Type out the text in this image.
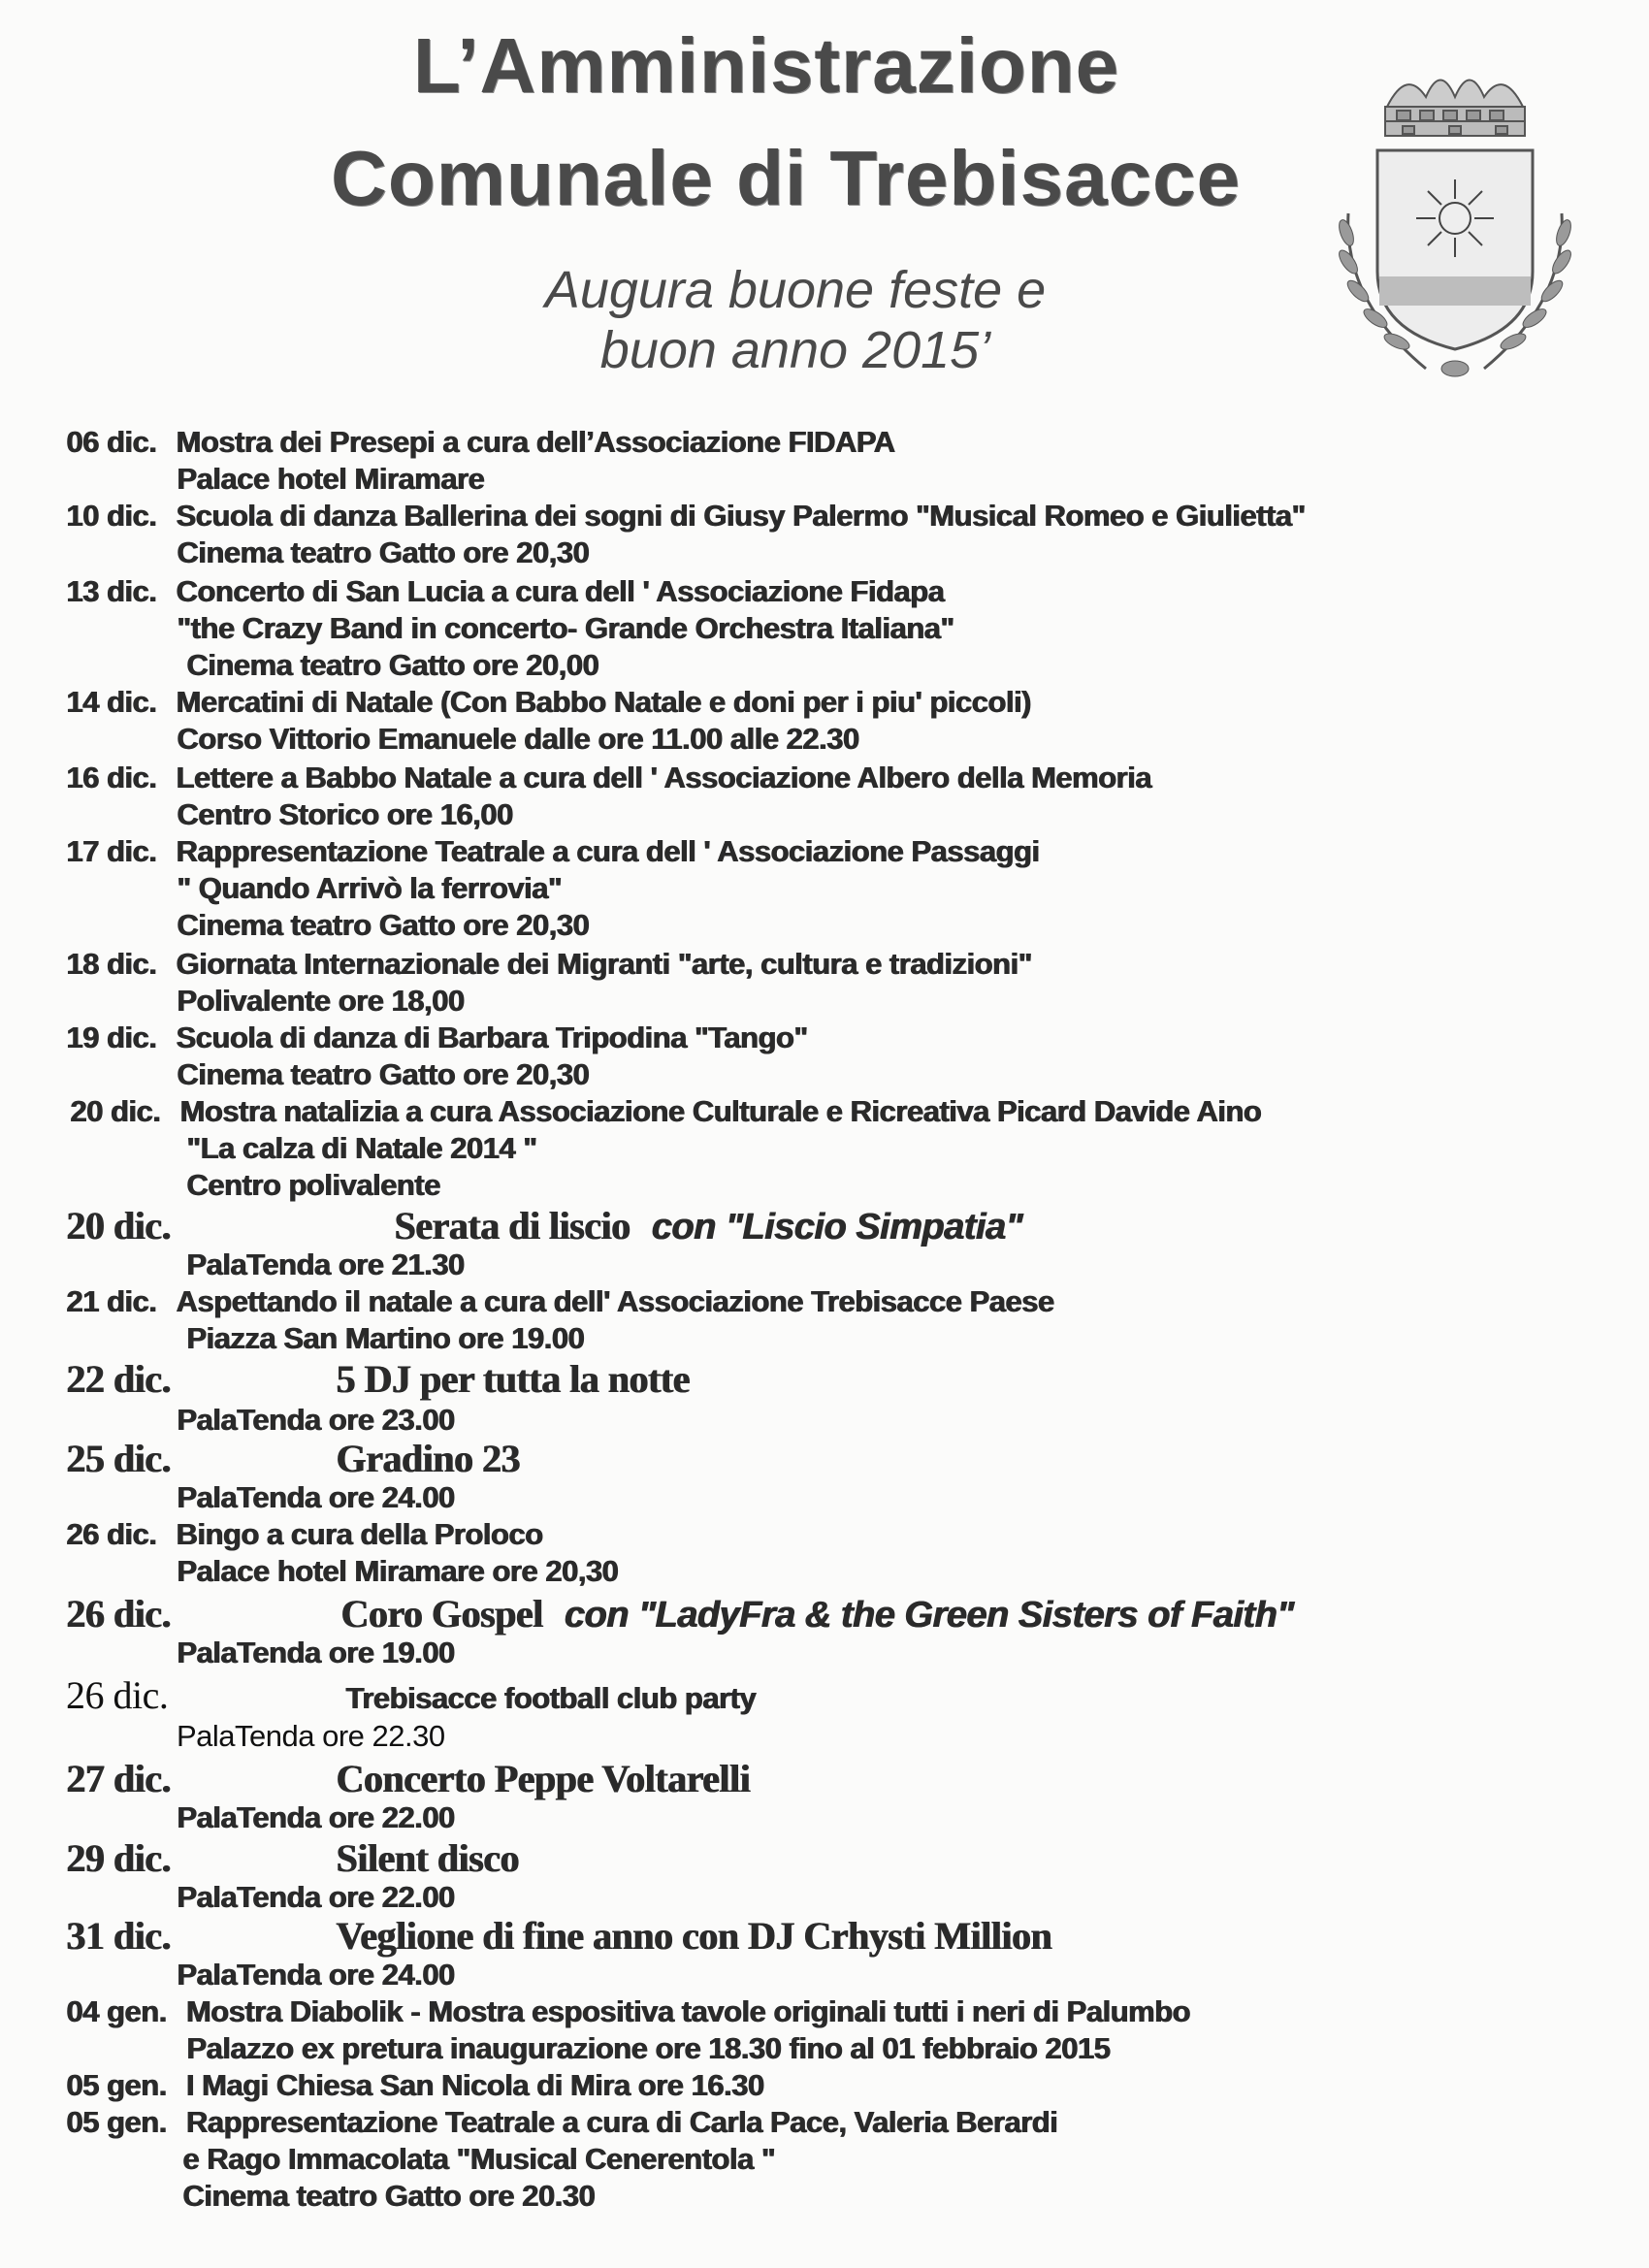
L’Amministrazione
Comunale di Trebisacce
Augura buone feste e
buon anno 2015’
06 dic. Mostra dei Presepi a cura dell’Associazione FIDAPA
Palace hotel Miramare
10 dic. Scuola di danza Ballerina dei sogni di Giusy Palermo "Musical Romeo e Giulietta"
Cinema teatro Gatto ore 20,30
13 dic. Concerto di San Lucia a cura dell ' Associazione Fidapa
"the Crazy Band in concerto- Grande Orchestra Italiana"
Cinema teatro Gatto ore 20,00
14 dic. Mercatini di Natale (Con Babbo Natale e doni per i piu' piccoli)
Corso Vittorio Emanuele dalle ore 11.00 alle 22.30
16 dic. Lettere a Babbo Natale a cura dell ' Associazione Albero della Memoria
Centro Storico ore 16,00
17 dic. Rappresentazione Teatrale a cura dell ' Associazione Passaggi
" Quando Arrivò la ferrovia"
Cinema teatro Gatto ore 20,30
18 dic. Giornata Internazionale dei Migranti "arte, cultura e tradizioni"
Polivalente ore 18,00
19 dic. Scuola di danza di Barbara Tripodina "Tango"
Cinema teatro Gatto ore 20,30
20 dic. Mostra natalizia a cura Associazione Culturale e Ricreativa Picard Davide Aino
"La calza di Natale 2014 "
Centro polivalente
20 dic.	Serata di liscio con "Liscio Simpatia"
PalaTenda ore 21.30
21 dic. Aspettando il natale a cura dell' Associazione Trebisacce Paese
Piazza San Martino ore 19.00
22 dic.	5 DJ per tutta la notte
PalaTenda ore 23.00
25 dic.	Gradino 23
PalaTenda ore 24.00
26 dic. Bingo a cura della Proloco
Palace hotel Miramare ore 20,30
26 dic.	Coro Gospel con "LadyFra & the Green Sisters of Faith"
PalaTenda ore 19.00
26 dic.	Trebisacce football club party
PalaTenda ore 22.30
27 dic.	Concerto Peppe Voltarelli
PalaTenda ore 22.00
29 dic.	Silent disco
PalaTenda ore 22.00
31 dic.	Veglione di fine anno con DJ Crhysti Million
PalaTenda ore 24.00
04 gen. Mostra Diabolik - Mostra espositiva tavole originali tutti i neri di Palumbo
Palazzo ex pretura inaugurazione ore 18.30 fino al 01 febbraio 2015
05 gen. I Magi Chiesa San Nicola di Mira ore 16.30
05 gen. Rappresentazione Teatrale a cura di Carla Pace, Valeria Berardi
e Rago Immacolata "Musical Cenerentola "
Cinema teatro Gatto ore 20.30
